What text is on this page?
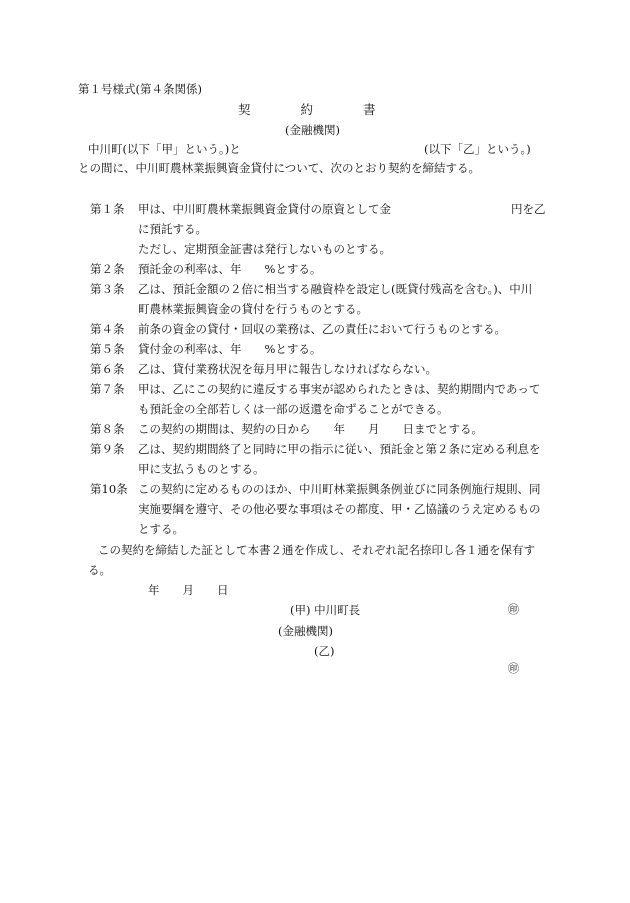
第１号様式(第４条関係)
契　　　　約　　　　書
(金融機関)
中川町(以下「甲」という。)と	(以下「乙」という。)
との間に、中川町農林業振興資金貸付について、次のとおり契約を締結する。
第１条 甲は、中川町農林業振興資金貸付の原資として金	円を乙
に預託する。
ただし、定期預金証書は発行しないものとする。
第２条 預託金の利率は、年　　%とする。
第３条 乙は、預託金額の２倍に相当する融資枠を設定し(既貸付残高を含む。)、中川
町農林業振興資金の貸付を行うものとする。
第４条 前条の資金の貸付・回収の業務は、乙の責任において行うものとする。
第５条 貸付金の利率は、年　　%とする。
第６条 乙は、貸付業務状況を毎月甲に報告しなければならない。
第７条 甲は、乙にこの契約に違反する事実が認められたときは、契約期間内であって
も預託金の全部若しくは一部の返還を命ずることができる。
第８条 この契約の期間は、契約の日から　　年　　月　　日までとする。
第９条 乙は、契約期間終了と同時に甲の指示に従い、預託金と第２条に定める利息を
甲に支払うものとする。
第10条 この契約に定めるもののほか、中川町林業振興条例並びに同条例施行規則、同
実施要綱を遵守、その他必要な事項はその都度、甲・乙協議のうえ定めるもの
とする。
この契約を締結した証として本書２通を作成し、それぞれ記名捺印し各１通を保有す
る。
年　　月　　日
(甲) 中川町長	㊞
(金融機関)
(乙)
㊞
